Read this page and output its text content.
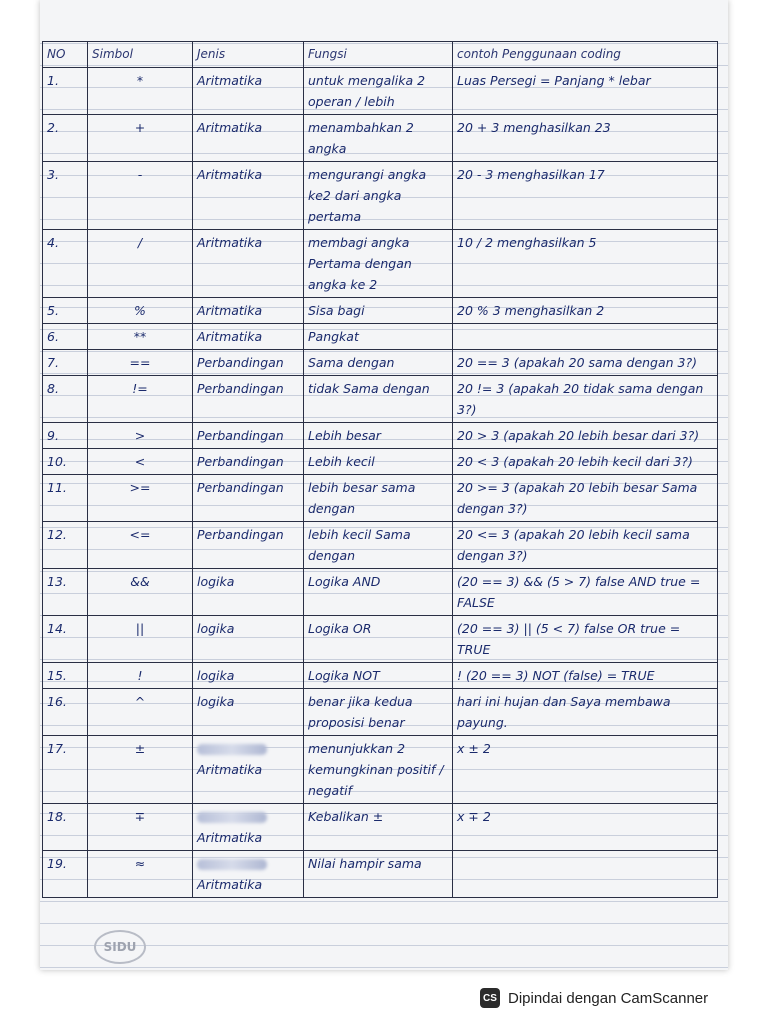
NO	Simbol	Jenis	Fungsi	contoh Penggunaan coding
1.	*	Aritmatika	untuk mengalika 2 operan / lebih	Luas Persegi = Panjang * lebar
2.	+	Aritmatika	menambahkan 2 angka	20 + 3 menghasilkan 23
3.	-	Aritmatika	mengurangi angka ke2 dari angka pertama	20 - 3 menghasilkan 17
4.	/	Aritmatika	membagi angka Pertama dengan angka ke 2	10 / 2 menghasilkan 5
5.	%	Aritmatika	Sisa bagi	20 % 3 menghasilkan 2
6.	**	Aritmatika	Pangkat	
7.	==	Perbandingan	Sama dengan	20 == 3 (apakah 20 sama dengan 3?)
8.	!=	Perbandingan	tidak Sama dengan	20 != 3 (apakah 20 tidak sama dengan 3?)
9.	>	Perbandingan	Lebih besar	20 > 3 (apakah 20 lebih besar dari 3?)
10.	<	Perbandingan	Lebih kecil	20 < 3 (apakah 20 lebih kecil dari 3?)
11.	>=	Perbandingan	lebih besar sama dengan	20 >= 3 (apakah 20 lebih besar Sama dengan 3?)
12.	<=	Perbandingan	lebih kecil Sama dengan	20 <= 3 (apakah 20 lebih kecil sama dengan 3?)
13.	&&	logika	Logika AND	(20 == 3) && (5 > 7) false AND true = FALSE
14.	||	logika	Logika OR	(20 == 3) || (5 < 7) false OR true = TRUE
15.	!	logika	Logika NOT	! (20 == 3) NOT (false) = TRUE
16.	^	logika	benar jika kedua proposisi benar	hari ini hujan dan Saya membawa payung.
17.	±	Aritmatika	menunjukkan 2 kemungkinan positif / negatif	x ± 2
18.	∓	Aritmatika	Kebalikan ±	x ∓ 2
19.	≈	Aritmatika	Nilai hampir sama	
SIDU
CS Dipindai dengan CamScanner
